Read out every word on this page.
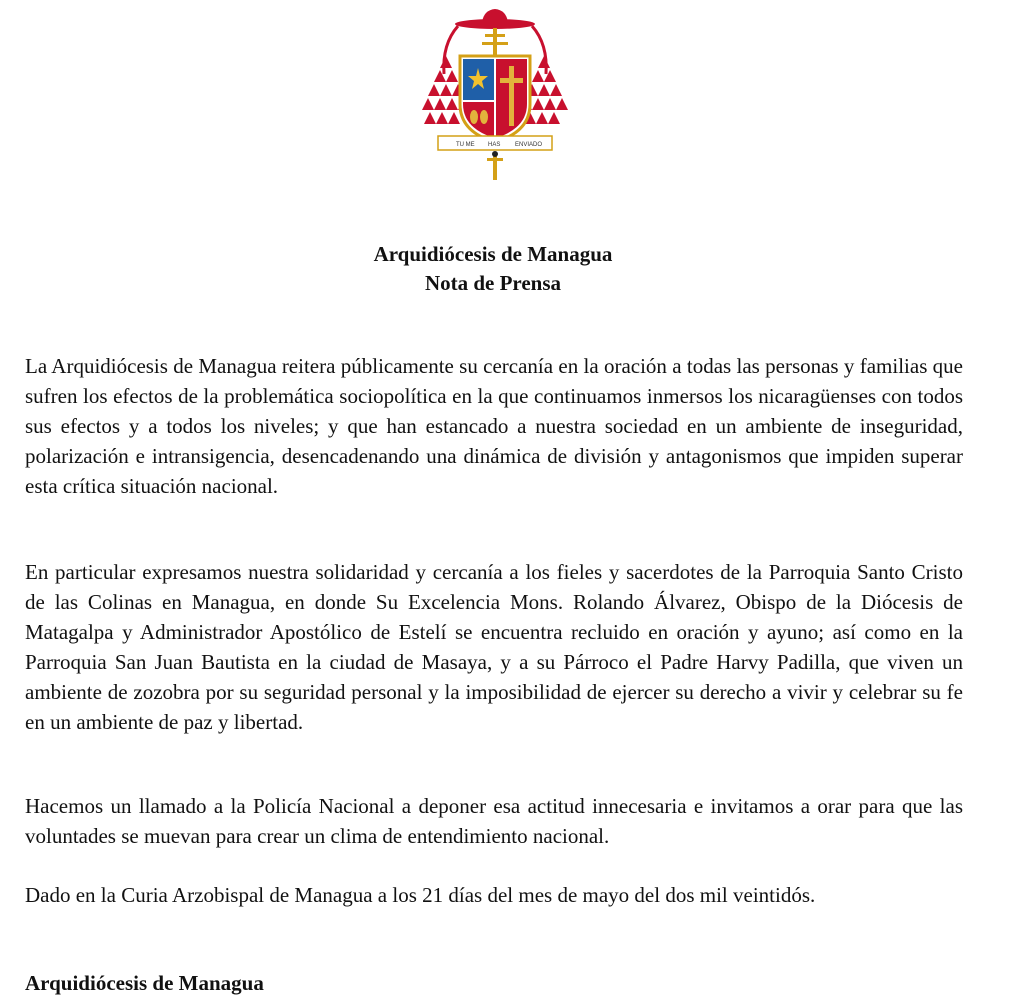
TU ME HAS ENVIADO
Arquidiócesis de Managua
Nota de Prensa

La Arquidiócesis de Managua reitera públicamente su cercanía en la oración a todas las personas y familias que sufren los efectos de la problemática sociopolítica en la que continuamos inmersos los nicaragüenses con todos sus efectos y a todos los niveles; y que han estancado a nuestra sociedad en un ambiente de inseguridad, polarización e intransigencia, desencadenando una dinámica de división y antagonismos que impiden superar esta crítica situación nacional.

En particular expresamos nuestra solidaridad y cercanía a los fieles y sacerdotes de la Parroquia Santo Cristo de las Colinas en Managua, en donde Su Excelencia Mons. Rolando Álvarez, Obispo de la Diócesis de Matagalpa y Administrador Apostólico de Estelí se encuentra recluido en oración y ayuno; así como en la Parroquia San Juan Bautista en la ciudad de Masaya, y a su Párroco el Padre Harvy Padilla, que viven un ambiente de zozobra por su seguridad personal y la imposibilidad de ejercer su derecho a vivir y celebrar su fe en un ambiente de paz y libertad.

Hacemos un llamado a la Policía Nacional a deponer esa actitud innecesaria e invitamos a orar para que las voluntades se muevan para crear un clima de entendimiento nacional.

Dado en la Curia Arzobispal de Managua a los 21 días del mes de mayo del dos mil veintidós.

Arquidiócesis de Managua
